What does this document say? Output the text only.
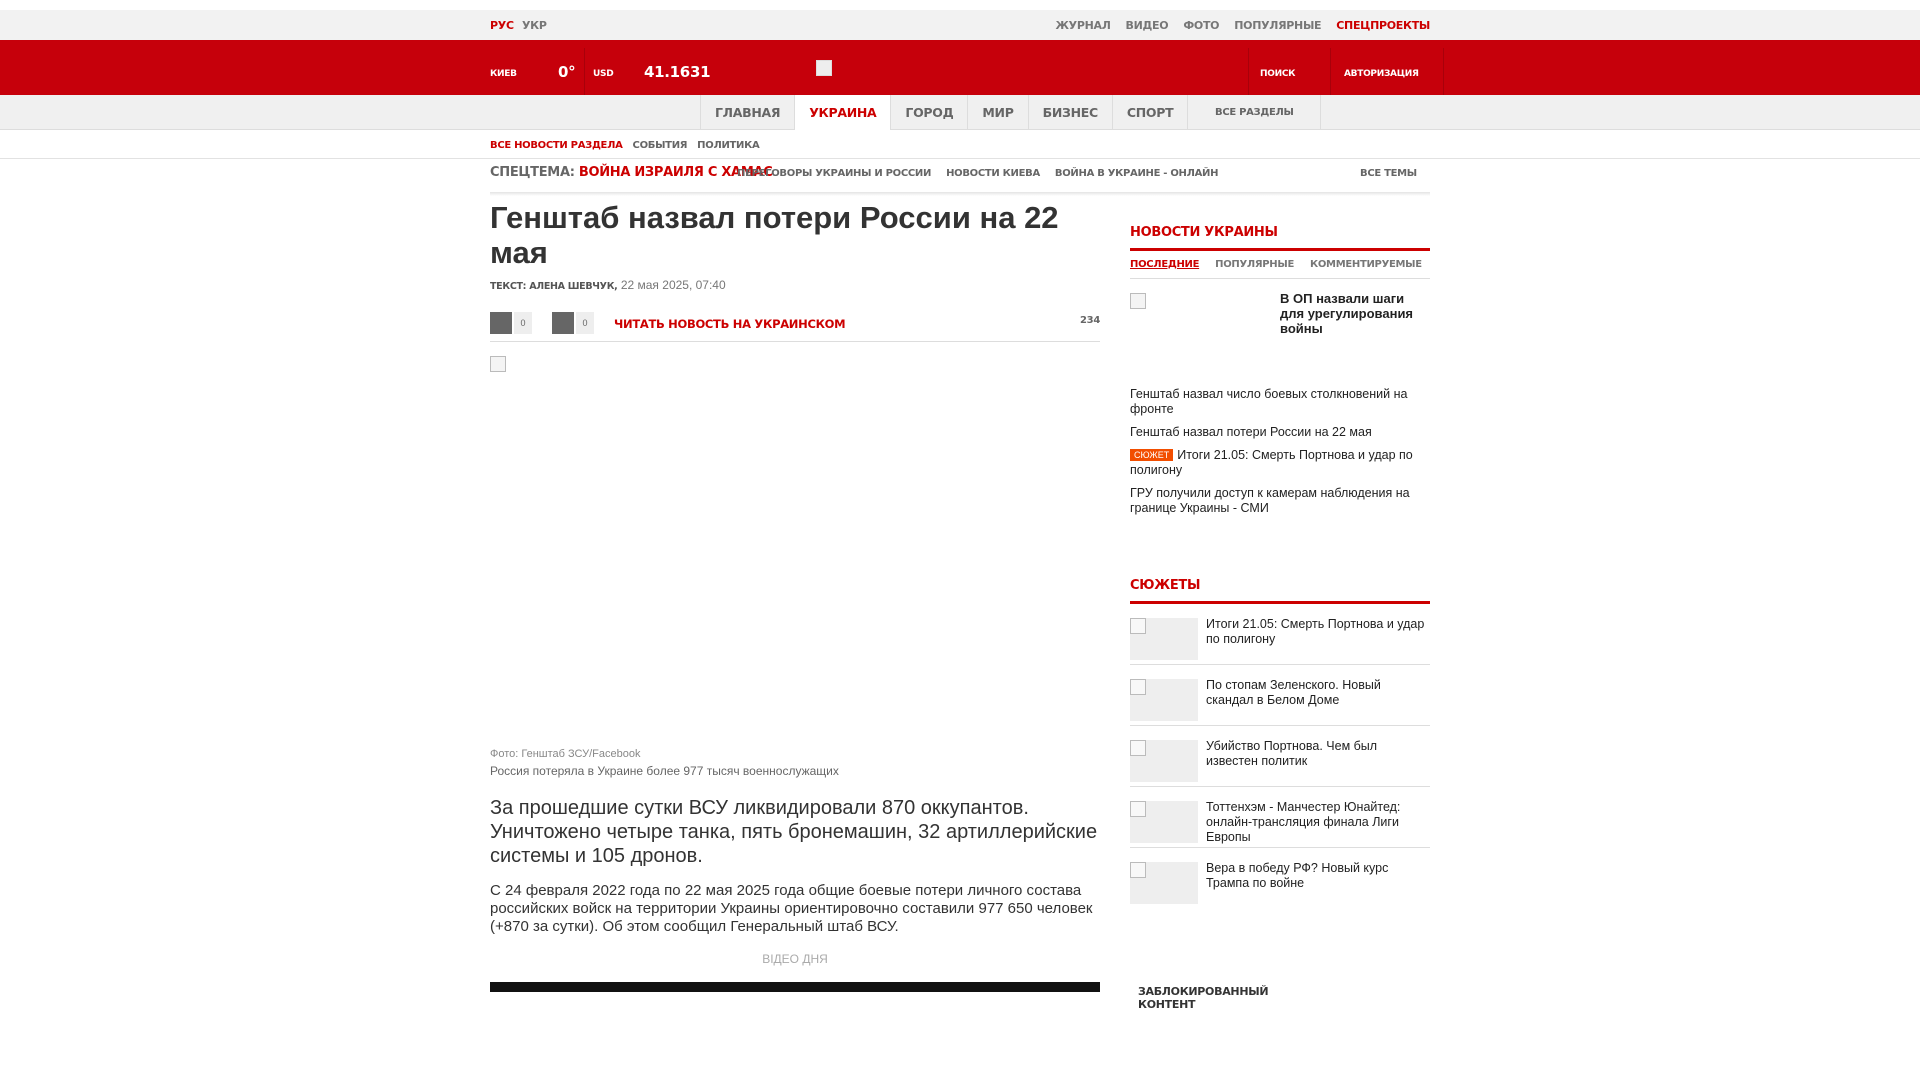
РУС УКР	ЖУРНАЛ ВИДЕО ФОТО ПОПУЛЯРНЫЕ СПЕЦПРОЕКТЫ
КИЕВ	0° USD 41.1631	ПОИСК	АВТОРИЗАЦИЯ
ГЛАВНАЯ	УКРАИНА	ГОРОД	МИР	БИЗНЕС	СПОРТ	ВСЕ РАЗДЕЛЫ
ВСЕ НОВОСТИ РАЗДЕЛА СОБЫТИЯ ПОЛИТИКА
СПЕЦТЕМА: ВОЙНА ИЗРАИЛЯ С ХАМАС
ПЕРЕГОВОРЫ УКРАИНЫ И РОССИИ НОВОСТИ КИЕВА ВОЙНА В УКРАИНЕ - ОНЛАЙН	ВСЕ ТЕМЫ
Генштаб назвал потери России на 22 мая
ТЕКСТ: АЛЕНА ШЕВЧУК, 22 мая 2025, 07:40
0	0	ЧИТАТЬ НОВОСТЬ НА УКРАИНСКОМ	234
Фото: Генштаб ЗСУ/Facebook
Россия потеряла в Украине более 977 тысяч военнослужащих

За прошедшие сутки ВСУ ликвидировали 870 оккупантов. Уничтожено четыре танка, пять бронемашин, 32 артиллерийские системы и 105 дронов.

С 24 февраля 2022 года по 22 мая 2025 года общие боевые потери личного состава российских войск на территории Украины ориентировочно составили 977 650 человек (+870 за сутки). Об этом сообщил Генеральный штаб ВСУ.

ВІДЕО ДНЯ
НОВОСТИ УКРАИНЫ
ПОСЛЕДНИЕ ПОПУЛЯРНЫЕ КОММЕНТИРУЕМЫЕ
В ОП назвали шаги для урегулирования войны
Генштаб назвал число боевых столкновений на фронте
Генштаб назвал потери России на 22 мая
СЮЖЕТ Итоги 21.05: Смерть Портнова и удар по полигону
ГРУ получили доступ к камерам наблюдения на границе Украины - СМИ
СЮЖЕТЫ
Итоги 21.05: Смерть Портнова и удар по полигону
По стопам Зеленского. Новый скандал в Белом Доме
Убийство Портнова. Чем был известен политик
Тоттенхэм - Манчестер Юнайтед: онлайн-трансляция финала Лиги Европы
Вера в победу РФ? Новый курс Трампа по войне
ЗАБЛОКИРОВАННЫЙ КОНТЕНТ
